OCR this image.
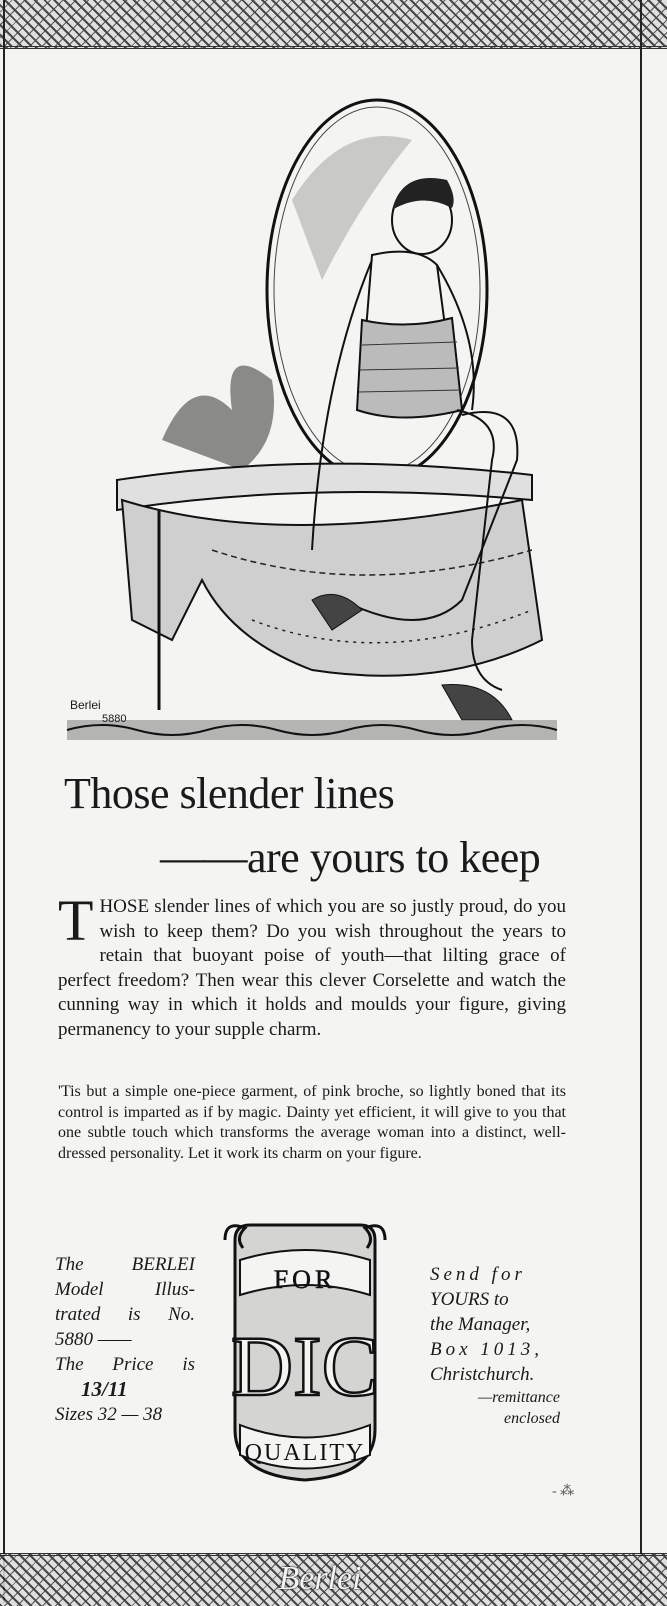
Berlei
5880
Those slender lines
——are yours to keep
THOSE slender lines of which you are so justly proud, do you wish to keep them? Do you wish throughout the years to retain that buoyant poise of youth—that lilting grace of perfect freedom? Then wear this clever Corselette and watch the cunning way in which it holds and moulds your figure, giving permanency to your supple charm.
'Tis but a simple one-piece garment, of pink broche, so lightly boned that its control is imparted as if by magic. Dainty yet efficient, it will give to you that one subtle touch which transforms the average woman into a distinct, well-dressed personality. Let it work its charm on your figure.
The BERLEI
Model Illus-
trated is No.
5880 ——
The Price is
13/11
Sizes 32 — 38
FOR
DIC
QUALITY
Send for
YOURS to
the Manager,
Box 1013,
Christchurch.
—remittance
enclosed
‑ ⁂
Berlei
